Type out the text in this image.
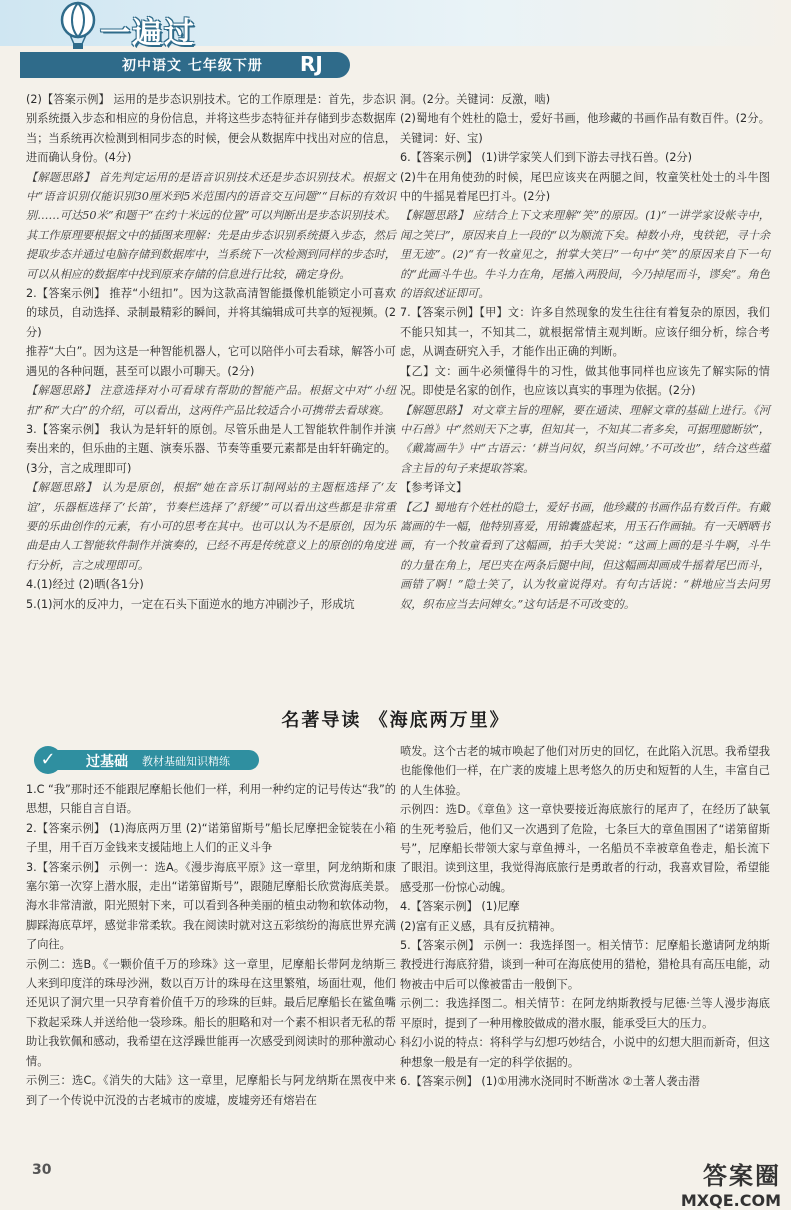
一遍过
初中语文 七年级下册 RJ

(2)【答案示例】 运用的是步态识别技术。它的工作原理是：首先，步态识别系统摄入步态和相应的身份信息，并将这些步态特征并存储到步态数据库当；当系统再次检测到相同步态的时候，便会从数据库中找出对应的信息，进而确认身份。(4分)

【解题思路】 首先判定运用的是语音识别技术还是步态识别技术。根据文中“语音识别仅能识别30厘米到5米范围内的语音交互问题”“目标的有效识别……可达50米”和题干“在约十米远的位置”可以判断出是步态识别技术。其工作原理要根据文中的插图来理解：先是由步态识别系统摄入步态，然后提取步态并通过电脑存储到数据库中，当系统下一次检测到同样的步态时，可以从相应的数据库中找到原来存储的信息进行比较，确定身份。

2.【答案示例】 推荐“小纽扣”。因为这款高清智能摄像机能锁定小可喜欢的球员，自动选择、录制最精彩的瞬间，并将其编辑成可共享的短视频。(2分)

推荐“大白”。因为这是一种智能机器人，它可以陪伴小可去看球，解答小可遇见的各种问题，甚至可以跟小可聊天。(2分)

【解题思路】 注意选择对小可看球有帮助的智能产品。根据文中对“小纽扣”和“大白”的介绍，可以看出，这两件产品比较适合小可携带去看球赛。

3.【答案示例】 我认为是轩轩的原创。尽管乐曲是人工智能软件制作并演奏出来的，但乐曲的主题、演奏乐器、节奏等重要元素都是由轩轩确定的。(3分，言之成理即可)

【解题思路】 认为是原创，根据“她在音乐订制网站的主题框选择了‘友谊’，乐器框选择了‘长笛’，节奏栏选择了‘舒缓’”可以看出这些都是非常重要的乐曲创作的元素，有小可的思考在其中。也可以认为不是原创，因为乐曲是由人工智能软件制作并演奏的，已经不再是传统意义上的原创的角度进行分析，言之成理即可。

4.(1)经过 (2)晒(各1分)

5.(1)河水的反冲力，一定在石头下面逆水的地方冲刷沙子，形成坑

洞。(2分。关键词：反激，啮)

(2)蜀地有个姓杜的隐士，爱好书画，他珍藏的书画作品有数百件。(2分。关键词：好、宝)

6.【答案示例】 (1)讲学家笑人们到下游去寻找石兽。(2分)

(2)牛在用角使劲的时候，尾巴应该夹在两腿之间，牧童笑杜处士的斗牛图中的牛摇晃着尾巴打斗。(2分)

【解题思路】 应结合上下文来理解“笑”的原因。(1)“一讲学家设帐寺中，闻之笑曰”，原因来自上一段的“以为顺流下矣。棹数小舟，曳铁钯，寻十余里无迹”。(2)“有一牧童见之，拊掌大笑曰”一句中“笑”的原因来自下一句的“此画斗牛也。牛斗力在角，尾搐入两股间，今乃掉尾而斗，谬矣”。角色的语叙述证即可。

7.【答案示例】【甲】文：许多自然现象的发生往往有着复杂的原因，我们不能只知其一，不知其二，就根据常情主观判断。应该仔细分析，综合考虑，从调查研究入手，才能作出正确的判断。

【乙】文：画牛必须懂得牛的习性，做其他事同样也应该先了解实际的情况。即使是名家的创作，也应该以真实的事理为依据。(2分)

【解题思路】 对文章主旨的理解，要在通读、理解文章的基础上进行。《河中石兽》中“然则天下之事，但知其一，不知其二者多矣，可据理臆断欤”，《戴嵩画牛》中“古语云：‘耕当问奴，织当问婢。’不可改也”，结合这些蕴含主旨的句子来提取答案。

【参考译文】

【乙】蜀地有个姓杜的隐士，爱好书画，他珍藏的书画作品有数百件。有戴嵩画的牛一幅，他特别喜爱，用锦囊盛起来，用玉石作画轴。有一天晒晒书画，有一个牧童看到了这幅画，拍手大笑说：“这画上画的是斗牛啊，斗牛的力量在角上，尾巴夹在两条后腿中间，但这幅画却画成牛摇着尾巴而斗，画错了啊！”隐士笑了，认为牧童说得对。有句古话说：“耕地应当去问男奴，织布应当去问婢女。”这句话是不可改变的。

名著导读 《海底两万里》
✓	过基础 教材基础知识精练

1.C “我”那时还不能跟尼摩船长他们一样，利用一种约定的记号传达“我”的思想，只能自言自语。

2.【答案示例】 (1)海底两万里 (2)“诺第留斯号”船长尼摩把金锭装在小箱子里，用千百万金钱来支援陆地上人们的正义斗争

3.【答案示例】 示例一：选A。《漫步海底平原》这一章里，阿龙纳斯和康塞尔第一次穿上潜水服，走出“诺第留斯号”，跟随尼摩船长欣赏海底美景。海水非常清澈，阳光照射下来，可以看到各种美丽的植虫动物和软体动物，脚踩海底草坪，感觉非常柔软。我在阅读时就对这五彩缤纷的海底世界充满了向往。

示例二：选B。《一颗价值千万的珍珠》这一章里，尼摩船长带阿龙纳斯三人来到印度洋的珠母沙洲，数以百万计的珠母在这里繁殖，场面壮观，他们还见识了洞穴里一只孕育着价值千万的珍珠的巨蚌。最后尼摩船长在鲨鱼嘴下救起采珠人并送给他一袋珍珠。船长的胆略和对一个素不相识者无私的帮助让我钦佩和感动，我希望在这浮躁世能再一次感受到阅读时的那种激动心情。

示例三：选C。《消失的大陆》这一章里，尼摩船长与阿龙纳斯在黑夜中来到了一个传说中沉没的古老城市的废墟，废墟旁还有熔岩在

喷发。这个古老的城市唤起了他们对历史的回忆，在此陷入沉思。我希望我也能像他们一样，在广袤的废墟上思考悠久的历史和短暂的人生，丰富自己的人生体验。

示例四：选D。《章鱼》这一章快要接近海底旅行的尾声了，在经历了缺氧的生死考验后，他们又一次遇到了危险，七条巨大的章鱼围困了“诺第留斯号”，尼摩船长带领大家与章鱼搏斗，一名船员不幸被章鱼卷走，船长流下了眼泪。读到这里，我觉得海底旅行是勇敢者的行动，我喜欢冒险，希望能感受那一份惊心动魄。

4.【答案示例】 (1)尼摩

(2)富有正义感，具有反抗精神。

5.【答案示例】 示例一：我选择图一。相关情节：尼摩船长邀请阿龙纳斯教授进行海底狩猎，谈到一种可在海底使用的猎枪，猎枪具有高压电能，动物被击中后可以像被雷击一般倒下。

示例二：我选择图二。相关情节：在阿龙纳斯教授与尼德·兰等人漫步海底平原时，提到了一种用橡胶做成的潜水服，能承受巨大的压力。

科幻小说的特点：将科学与幻想巧妙结合，小说中的幻想大胆而新奇，但这种想象一般是有一定的科学依据的。

6.【答案示例】 (1)①用沸水浇同时不断凿冰 ②土著人袭击潜

30	答案圈
MXQE.COM
